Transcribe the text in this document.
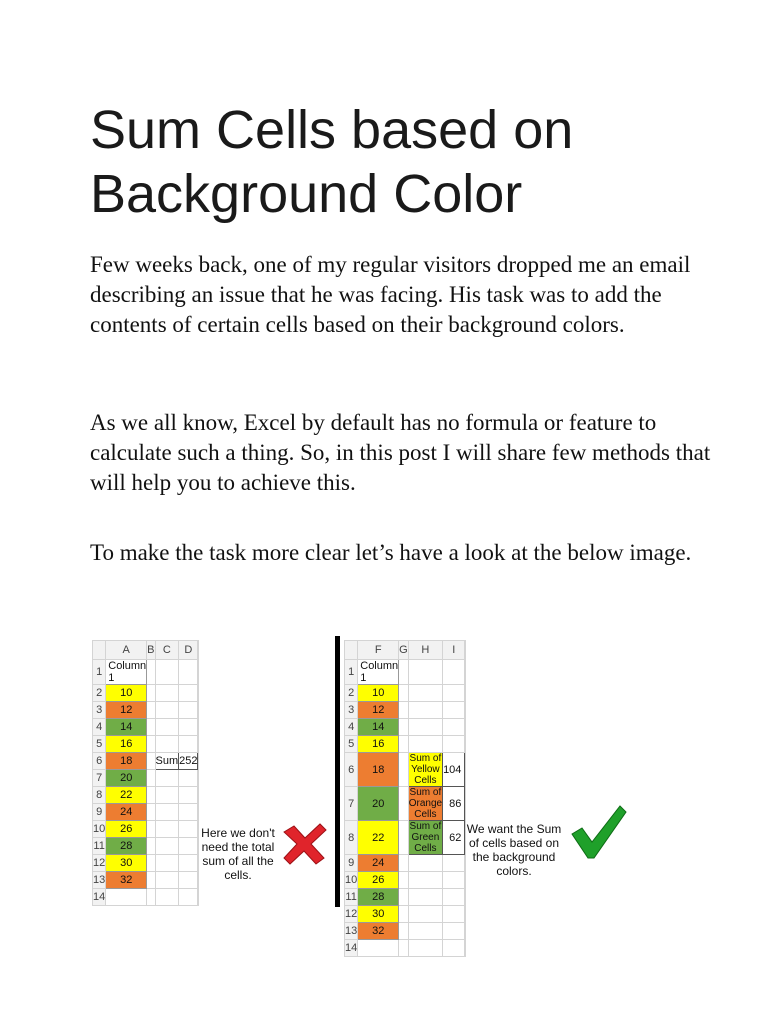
Sum Cells based on Background Color

Few weeks back, one of my regular visitors dropped me an email describing an issue that he was facing. His task was to add the contents of certain cells based on their background colors.

As we all know, Excel by default has no formula or feature to calculate such a thing. So, in this post I will share few methods that will help you to achieve this.

To make the task more clear let’s have a look at the below image.

	A	B	C	D	
1	Column 1				
2	10				
3	12				
4	14				
5	16				
6	18		Sum	252	
7	20				
8	22				
9	24				
10	26				
11	28				
12	30				
13	32				
14					
	F	G	H	I	
1	Column 1				
2	10				
3	12				
4	14				
5	16				
6	18		Sum of Yellow Cells	104	
7	20		Sum of Orange Cells	86	
8	22		Sum of Green Cells	62	
9	24				
10	26				
11	28				
12	30				
13	32				
14					
Here we don't need the total sum of all the cells.
We want the Sum of cells based on the background colors.
